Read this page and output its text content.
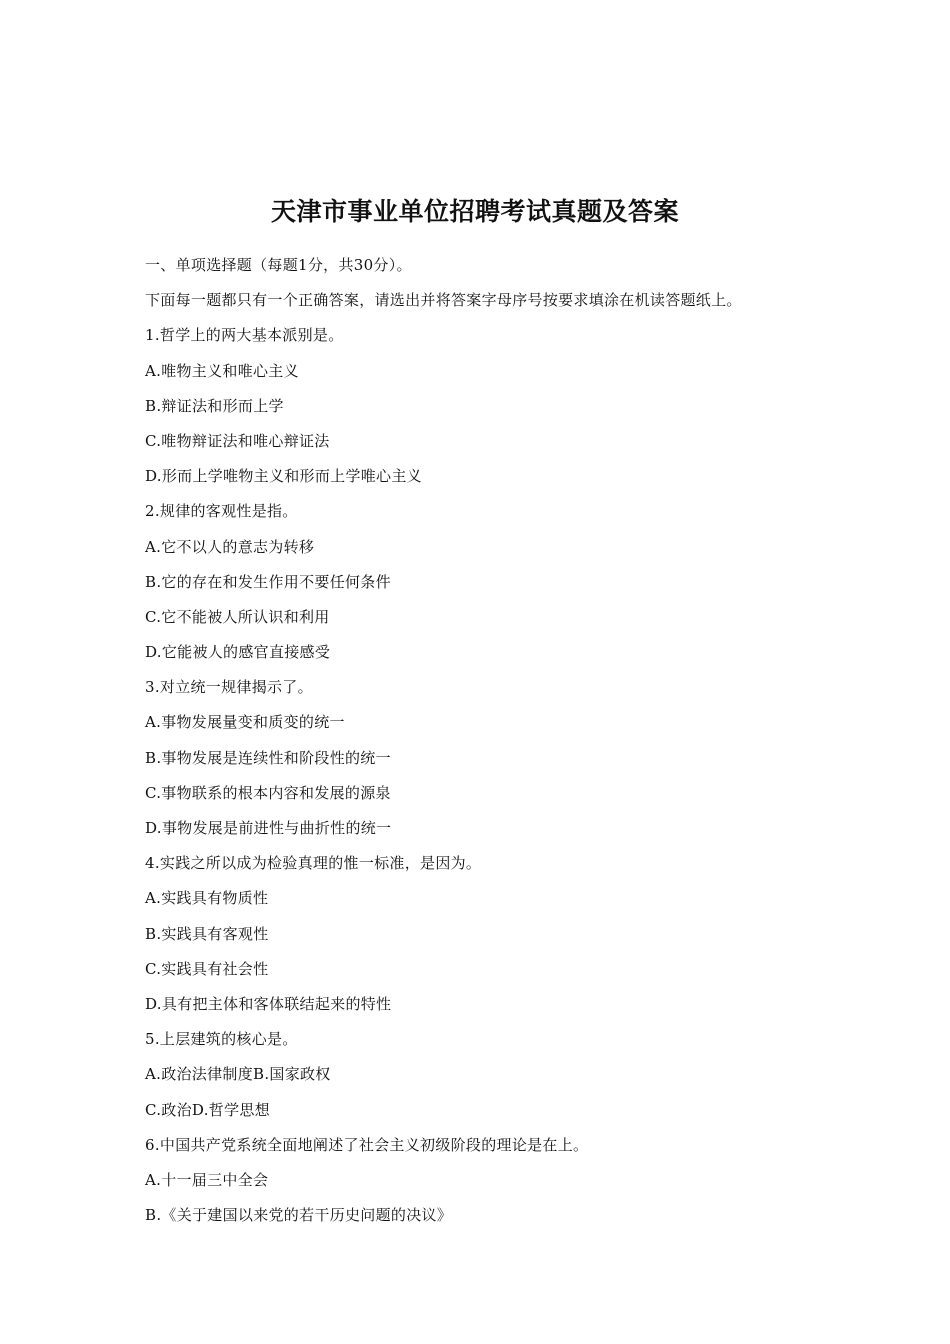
天津市事业单位招聘考试真题及答案
一、单项选择题（每题1分，共30分）。
下面每一题都只有一个正确答案，请选出并将答案字母序号按要求填涂在机读答题纸上。
1.哲学上的两大基本派别是。
A.唯物主义和唯心主义
B.辩证法和形而上学
C.唯物辩证法和唯心辩证法
D.形而上学唯物主义和形而上学唯心主义
2.规律的客观性是指。
A.它不以人的意志为转移
B.它的存在和发生作用不要任何条件
C.它不能被人所认识和利用
D.它能被人的感官直接感受
3.对立统一规律揭示了。
A.事物发展量变和质变的统一
B.事物发展是连续性和阶段性的统一
C.事物联系的根本内容和发展的源泉
D.事物发展是前进性与曲折性的统一
4.实践之所以成为检验真理的惟一标准，是因为。
A.实践具有物质性
B.实践具有客观性
C.实践具有社会性
D.具有把主体和客体联结起来的特性
5.上层建筑的核心是。
A.政治法律制度B.国家政权
C.政治D.哲学思想
6.中国共产党系统全面地阐述了社会主义初级阶段的理论是在上。
A.十一届三中全会
B.《关于建国以来党的若干历史问题的决议》
